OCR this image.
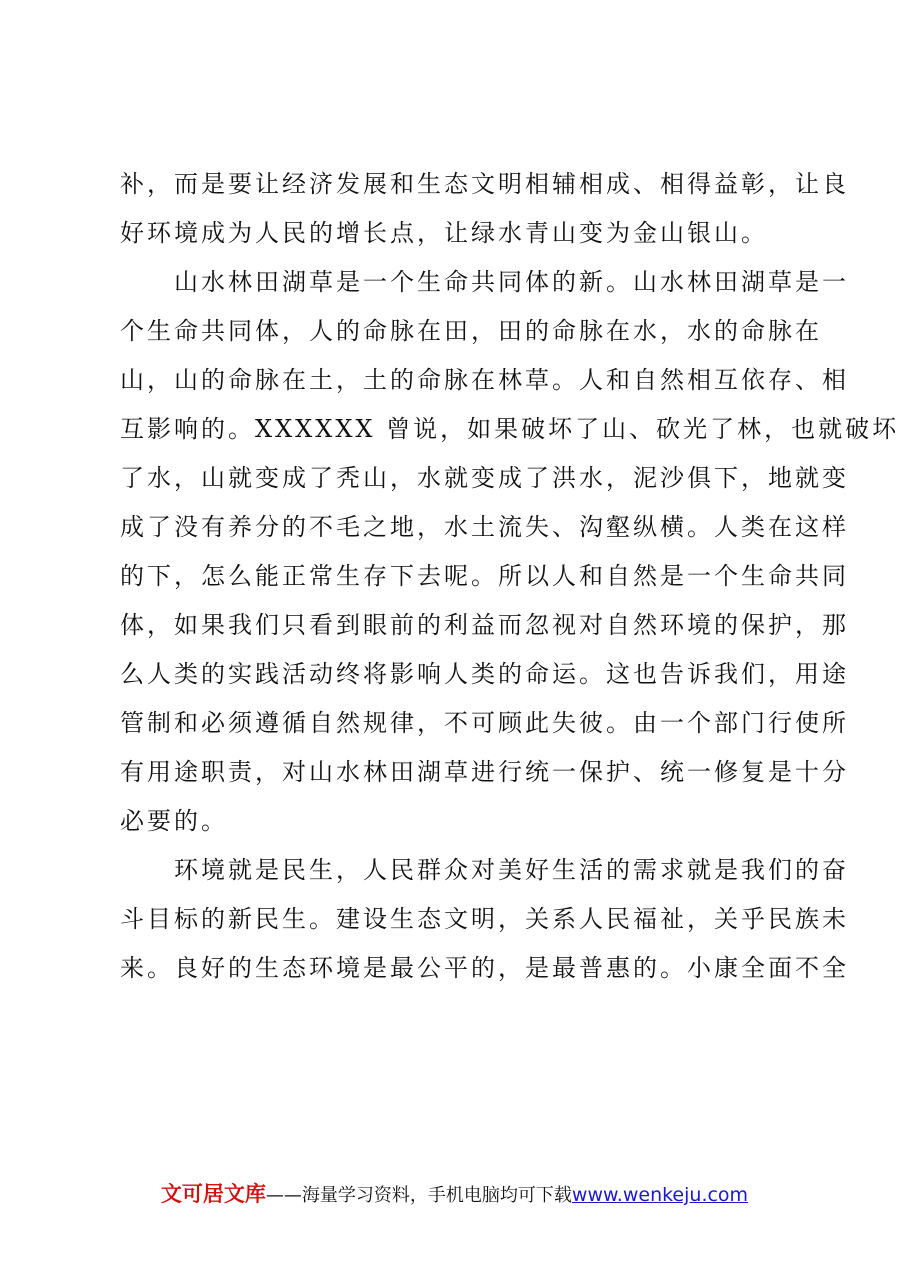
补，而是要让经济发展和生态文明相辅相成、相得益彰，让良
好环境成为人民的增长点，让绿水青山变为金山银山。

山水林田湖草是一个生命共同体的新。山水林田湖草是一
个生命共同体，人的命脉在田，田的命脉在水，水的命脉在
山，山的命脉在土，土的命脉在林草。人和自然相互依存、相
互影响的。XXXXXX 曾说，如果破坏了山、砍光了林，也就破坏
了水，山就变成了秃山，水就变成了洪水，泥沙俱下，地就变
成了没有养分的不毛之地，水土流失、沟壑纵横。人类在这样
的下，怎么能正常生存下去呢。所以人和自然是一个生命共同
体，如果我们只看到眼前的利益而忽视对自然环境的保护，那
么人类的实践活动终将影响人类的命运。这也告诉我们，用途
管制和必须遵循自然规律，不可顾此失彼。由一个部门行使所
有用途职责，对山水林田湖草进行统一保护、统一修复是十分
必要的。

环境就是民生，人民群众对美好生活的需求就是我们的奋
斗目标的新民生。建设生态文明，关系人民福祉，关乎民族未
来。良好的生态环境是最公平的，是最普惠的。小康全面不全

文可居文库——海量学习资料，手机电脑均可下载www.wenkeju.com
